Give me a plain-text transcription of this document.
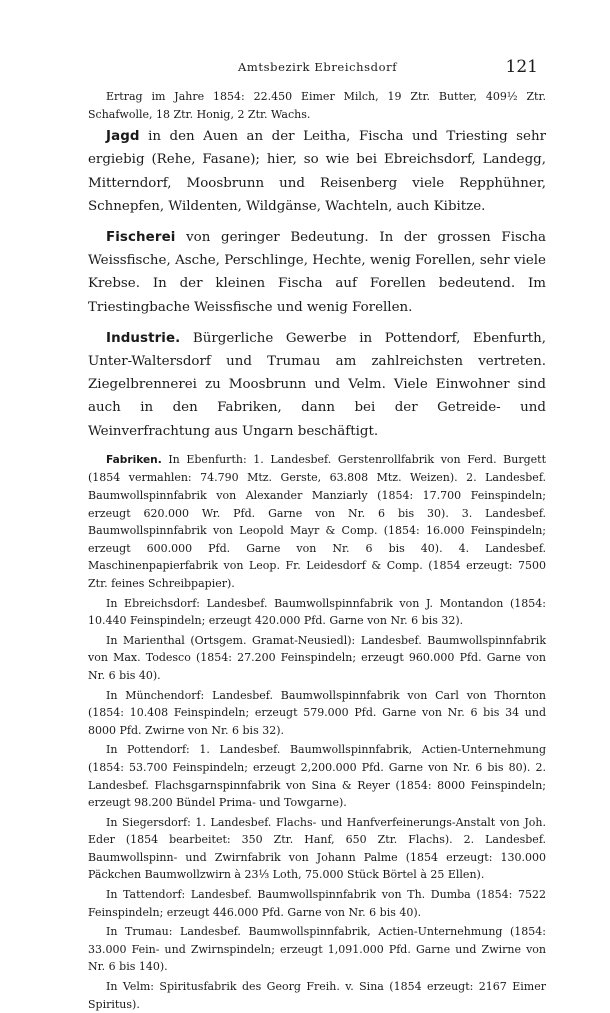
Amtsbezirk Ebreichsdorf	121

Ertrag im Jahre 1854: 22.450 Eimer Milch, 19 Ztr. Butter, 409½ Ztr. Schafwolle, 18 Ztr. Honig, 2 Ztr. Wachs.

Jagd in den Auen an der Leitha, Fischa und Triesting sehr ergiebig (Rehe, Fasane); hier, so wie bei Ebreichsdorf, Landegg, Mitterndorf, Moosbrunn und Reisenberg viele Repphühner, Schnepfen, Wildenten, Wildgänse, Wachteln, auch Kibitze.

Fischerei von geringer Bedeutung. In der grossen Fischa Weissfische, Asche, Perschlinge, Hechte, wenig Forellen, sehr viele Krebse. In der kleinen Fischa auf Forellen bedeutend. Im Triestingbache Weissfische und wenig Forellen.

Industrie. Bürgerliche Gewerbe in Pottendorf, Ebenfurth, Unter-Waltersdorf und Trumau am zahlreichsten vertreten. Ziegelbrennerei zu Moosbrunn und Velm. Viele Einwohner sind auch in den Fabriken, dann bei der Getreide- und Weinverfrachtung aus Ungarn beschäftigt.

Fabriken. In Ebenfurth: 1. Landesbef. Gerstenrollfabrik von Ferd. Burgett (1854 vermahlen: 74.790 Mtz. Gerste, 63.808 Mtz. Weizen). 2. Landesbef. Baumwollspinnfabrik von Alexander Manziarly (1854: 17.700 Feinspindeln; erzeugt 620.000 Wr. Pfd. Garne von Nr. 6 bis 30). 3. Landesbef. Baumwollspinnfabrik von Leopold Mayr & Comp. (1854: 16.000 Feinspindeln; erzeugt 600.000 Pfd. Garne von Nr. 6 bis 40). 4. Landesbef. Maschinenpapierfabrik von Leop. Fr. Leidesdorf & Comp. (1854 erzeugt: 7500 Ztr. feines Schreibpapier).

In Ebreichsdorf: Landesbef. Baumwollspinnfabrik von J. Montandon (1854: 10.440 Feinspindeln; erzeugt 420.000 Pfd. Garne von Nr. 6 bis 32).

In Marienthal (Ortsgem. Gramat-Neusiedl): Landesbef. Baumwollspinnfabrik von Max. Todesco (1854: 27.200 Feinspindeln; erzeugt 960.000 Pfd. Garne von Nr. 6 bis 40).

In Münchendorf: Landesbef. Baumwollspinnfabrik von Carl von Thornton (1854: 10.408 Feinspindeln; erzeugt 579.000 Pfd. Garne von Nr. 6 bis 34 und 8000 Pfd. Zwirne von Nr. 6 bis 32).

In Pottendorf: 1. Landesbef. Baumwollspinnfabrik, Actien-Unternehmung (1854: 53.700 Feinspindeln; erzeugt 2,200.000 Pfd. Garne von Nr. 6 bis 80). 2. Landesbef. Flachsgarnspinnfabrik von Sina & Reyer (1854: 8000 Feinspindeln; erzeugt 98.200 Bündel Prima- und Towgarne).

In Siegersdorf: 1. Landesbef. Flachs- und Hanfverfeinerungs-Anstalt von Joh. Eder (1854 bearbeitet: 350 Ztr. Hanf, 650 Ztr. Flachs). 2. Landesbef. Baumwollspinn- und Zwirnfabrik von Johann Palme (1854 erzeugt: 130.000 Päckchen Baumwollzwirn à 23⅓ Loth, 75.000 Stück Börtel à 25 Ellen).

In Tattendorf: Landesbef. Baumwollspinnfabrik von Th. Dumba (1854: 7522 Feinspindeln; erzeugt 446.000 Pfd. Garne von Nr. 6 bis 40).

In Trumau: Landesbef. Baumwollspinnfabrik, Actien-Unternehmung (1854: 33.000 Fein- und Zwirnspindeln; erzeugt 1,091.000 Pfd. Garne und Zwirne von Nr. 6 bis 140).

In Velm: Spiritusfabrik des Georg Freih. v. Sina (1854 erzeugt: 2167 Eimer Spiritus).
